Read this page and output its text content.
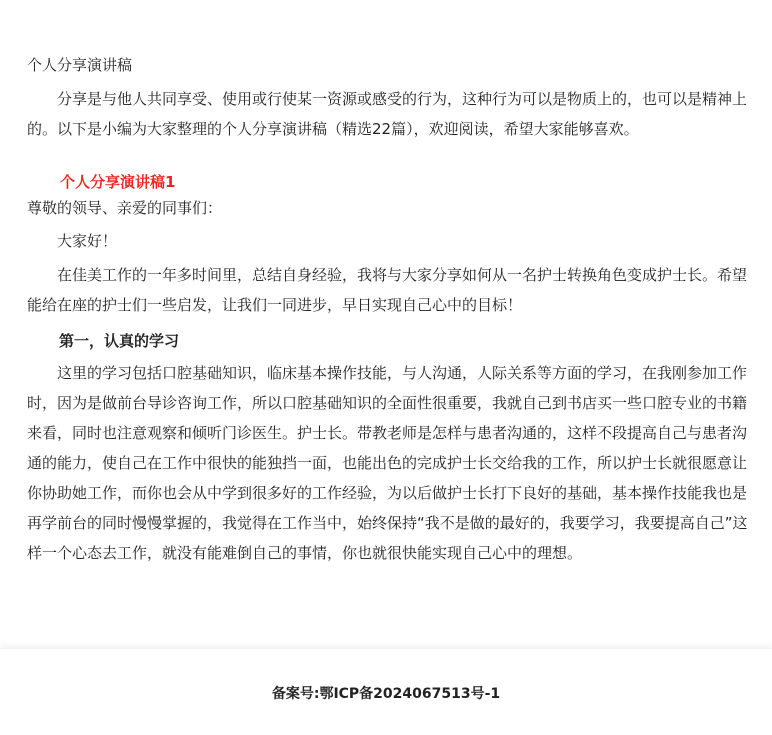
个人分享演讲稿

分享是与他人共同享受、使用或行使某一资源或感受的行为，这种行为可以是物质上的，也可以是精神上的。以下是小编为大家整理的个人分享演讲稿（精选22篇），欢迎阅读，希望大家能够喜欢。

个人分享演讲稿1

尊敬的领导、亲爱的同事们：

大家好！

在佳美工作的一年多时间里，总结自身经验，我将与大家分享如何从一名护士转换角色变成护士长。希望能给在座的护士们一些启发，让我们一同进步，早日实现自己心中的目标！

第一，认真的学习

这里的学习包括口腔基础知识，临床基本操作技能，与人沟通，人际关系等方面的学习，在我刚参加工作时，因为是做前台导诊咨询工作，所以口腔基础知识的全面性很重要，我就自己到书店买一些口腔专业的书籍来看，同时也注意观察和倾听门诊医生。护士长。带教老师是怎样与患者沟通的，这样不段提高自己与患者沟通的能力，使自己在工作中很快的能独挡一面，也能出色的完成护士长交给我的工作，所以护士长就很愿意让你协助她工作，而你也会从中学到很多好的工作经验，为以后做护士长打下良好的基础，基本操作技能我也是再学前台的同时慢慢掌握的，我觉得在工作当中，始终保持“我不是做的最好的，我要学习，我要提高自己”这样一个心态去工作，就没有能难倒自己的事情，你也就很快能实现自己心中的理想。

备案号:鄂ICP备2024067513号-1
